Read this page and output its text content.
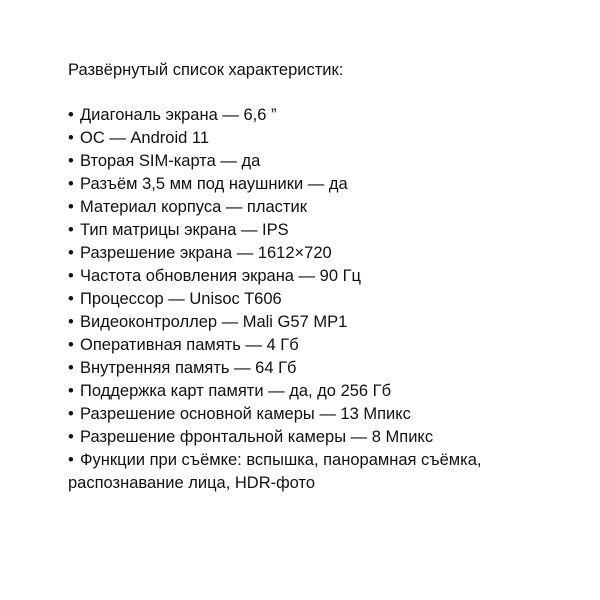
Развёрнутый список характеристик:
• Диагональ экрана — 6,6 ”
• ОС — Android 11
• Вторая SIM-карта — да
• Разъём 3,5 мм под наушники — да
• Материал корпуса — пластик
• Тип матрицы экрана — IPS
• Разрешение экрана — 1612×720
• Частота обновления экрана — 90 Гц
• Процессор — Unisoc T606
• Видеоконтроллер — Mali G57 MP1
• Оперативная память — 4 Гб
• Внутренняя память — 64 Гб
• Поддержка карт памяти — да, до 256 Гб
• Разрешение основной камеры — 13 Мпикс
• Разрешение фронтальной камеры — 8 Мпикс
• Функции при съёмке: вспышка, панорамная съёмка, распознавание лица, HDR-фото
